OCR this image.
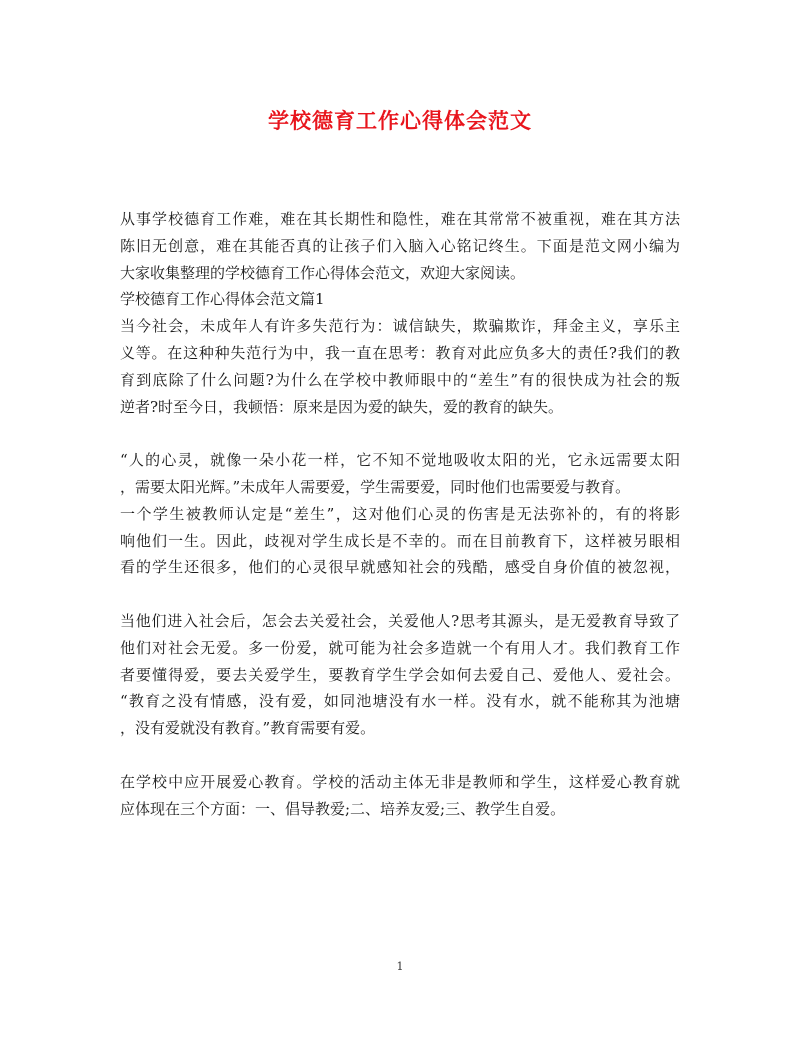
学校德育工作心得体会范文
从事学校德育工作难，难在其长期性和隐性，难在其常常不被重视，难在其方法
陈旧无创意，难在其能否真的让孩子们入脑入心铭记终生。下面是范文网小编为
大家收集整理的学校德育工作心得体会范文，欢迎大家阅读。
学校德育工作心得体会范文篇1
当今社会，未成年人有许多失范行为：诚信缺失，欺骗欺诈，拜金主义，享乐主
义等。在这种种失范行为中，我一直在思考：教育对此应负多大的责任?我们的教
育到底除了什么问题?为什么在学校中教师眼中的“差生”有的很快成为社会的叛
逆者?时至今日，我顿悟：原来是因为爱的缺失，爱的教育的缺失。
“人的心灵，就像一朵小花一样，它不知不觉地吸收太阳的光，它永远需要太阳
，需要太阳光辉。”未成年人需要爱，学生需要爱，同时他们也需要爱与教育。
一个学生被教师认定是“差生”，这对他们心灵的伤害是无法弥补的，有的将影
响他们一生。因此，歧视对学生成长是不幸的。而在目前教育下，这样被另眼相
看的学生还很多，他们的心灵很早就感知社会的残酷，感受自身价值的被忽视，
当他们进入社会后，怎会去关爱社会，关爱他人?思考其源头，是无爱教育导致了
他们对社会无爱。多一份爱，就可能为社会多造就一个有用人才。我们教育工作
者要懂得爱，要去关爱学生，要教育学生学会如何去爱自己、爱他人、爱社会。
“教育之没有情感，没有爱，如同池塘没有水一样。没有水，就不能称其为池塘
，没有爱就没有教育。”教育需要有爱。
在学校中应开展爱心教育。学校的活动主体无非是教师和学生，这样爱心教育就
应体现在三个方面：一、倡导教爱;二、培养友爱;三、教学生自爱。
1
